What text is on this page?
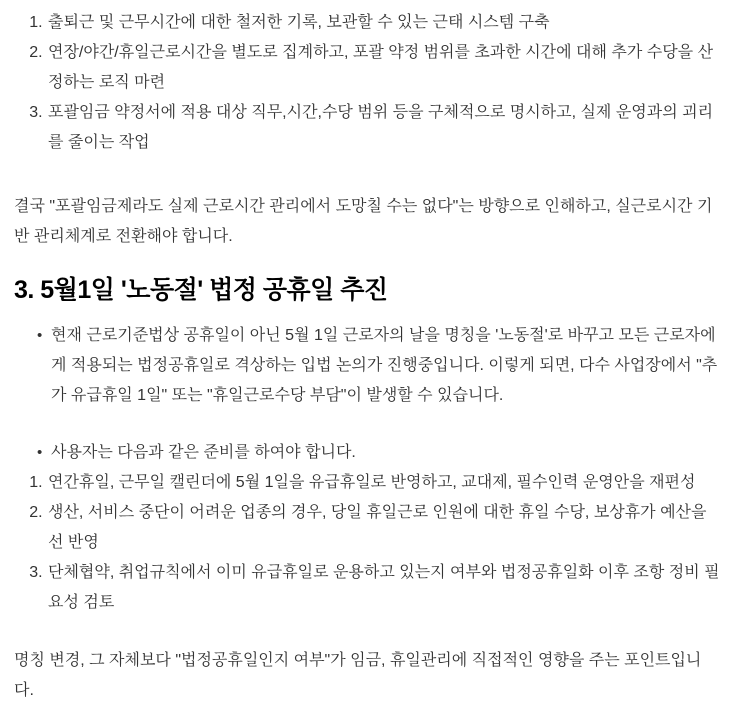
1. 출퇴근 및 근무시간에 대한 철저한 기록, 보관할 수 있는 근태 시스템 구축
2. 연장/야간/휴일근로시간을 별도로 집계하고, 포괄 약정 범위를 초과한 시간에 대해 추가 수당을 산정하는 로직 마련
3. 포괄임금 약정서에 적용 대상 직무,시간,수당 범위 등을 구체적으로 명시하고, 실제 운영과의 괴리를 줄이는 작업

결국 "포괄임금제라도 실제 근로시간 관리에서 도망칠 수는 없다"는 방향으로 인해하고, 실근로시간 기반 관리체계로 전환해야 합니다.

3. 5월1일 '노동절' 법정 공휴일 추진
• 현재 근로기준법상 공휴일이 아닌 5월 1일 근로자의 날을 명칭을 '노동절'로 바꾸고 모든 근로자에게 적용되는 법정공휴일로 격상하는 입법 논의가 진행중입니다. 이렇게 되면, 다수 사업장에서 "추가 유급휴일 1일" 또는 "휴일근로수당 부담"이 발생할 수 있습니다.
• 사용자는 다음과 같은 준비를 하여야 합니다.
1. 연간휴일, 근무일 캘린더에 5월 1일을 유급휴일로 반영하고, 교대제, 필수인력 운영안을 재편성
2. 생산, 서비스 중단이 어려운 업종의 경우, 당일 휴일근로 인원에 대한 휴일 수당, 보상휴가 예산을 선 반영
3. 단체협약, 취업규칙에서 이미 유급휴일로 운용하고 있는지 여부와 법정공휴일화 이후 조항 정비 필요성 검토

명칭 변경, 그 자체보다 "법정공휴일인지 여부"가 임금, 휴일관리에 직접적인 영향을 주는 포인트입니다.
